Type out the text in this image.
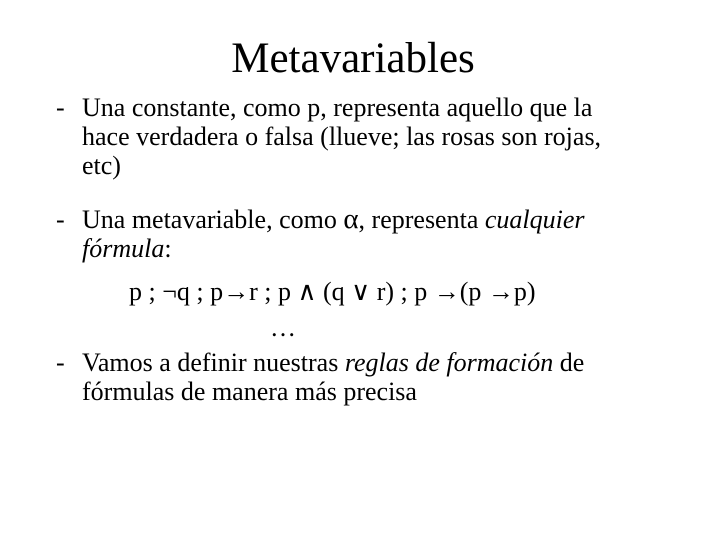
Metavariables
- Una constante, como p, representa aquello que la
hace verdadera o falsa (llueve; las rosas son rojas,
etc)
- Una metavariable, como α, representa cualquier
fórmula:
p ; ¬q ; p→r ; p ∧ (q ∨ r) ; p →(p →p)
…
- Vamos a definir nuestras reglas de formación de
fórmulas de manera más precisa
